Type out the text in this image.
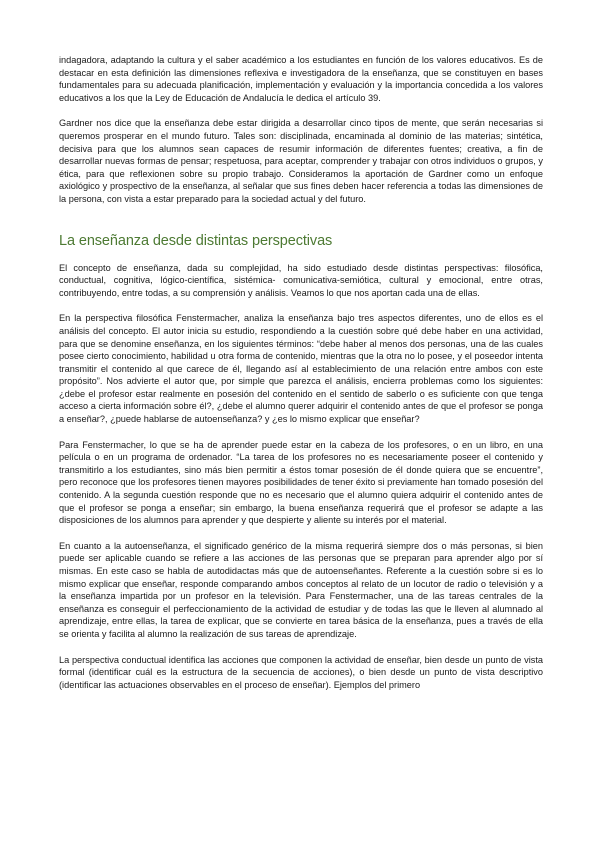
indagadora, adaptando la cultura y el saber académico a los estudiantes en función de los valores educativos. Es de destacar en esta definición las dimensiones reflexiva e investigadora de la enseñanza, que se constituyen en bases fundamentales para su adecuada planificación, implementación y evaluación y la importancia concedida a los valores educativos a los que la Ley de Educación de Andalucía le dedica el artículo 39.

Gardner nos dice que la enseñanza debe estar dirigida a desarrollar cinco tipos de mente, que serán necesarias si queremos prosperar en el mundo futuro. Tales son: disciplinada, encaminada al dominio de las materias; sintética, decisiva para que los alumnos sean capaces de resumir información de diferentes fuentes; creativa, a fin de desarrollar nuevas formas de pensar; respetuosa, para aceptar, comprender y trabajar con otros individuos o grupos, y ética, para que reflexionen sobre su propio trabajo. Consideramos la aportación de Gardner como un enfoque axiológico y prospectivo de la enseñanza, al señalar que sus fines deben hacer referencia a todas las dimensiones de la persona, con vista a estar preparado para la sociedad actual y del futuro.

La enseñanza desde distintas perspectivas

El concepto de enseñanza, dada su complejidad, ha sido estudiado desde distintas perspectivas: filosófica, conductual, cognitiva, lógico-científica, sistémica- comunicativa-semiótica, cultural y emocional, entre otras, contribuyendo, entre todas, a su comprensión y análisis. Veamos lo que nos aportan cada una de ellas.

En la perspectiva filosófica Fenstermacher, analiza la enseñanza bajo tres aspectos diferentes, uno de ellos es el análisis del concepto. El autor inicia su estudio, respondiendo a la cuestión sobre qué debe haber en una actividad, para que se denomine enseñanza, en los siguientes términos: “debe haber al menos dos personas, una de las cuales posee cierto conocimiento, habilidad u otra forma de contenido, mientras que la otra no lo posee, y el poseedor intenta transmitir el contenido al que carece de él, llegando así al establecimiento de una relación entre ambos con este propósito”. Nos advierte el autor que, por simple que parezca el análisis, encierra problemas como los siguientes: ¿debe el profesor estar realmente en posesión del contenido en el sentido de saberlo o es suficiente con que tenga acceso a cierta información sobre él?, ¿debe el alumno querer adquirir el contenido antes de que el profesor se ponga a enseñar?, ¿puede hablarse de autoenseñanza? y ¿es lo mismo explicar que enseñar?

Para Fenstermacher, lo que se ha de aprender puede estar en la cabeza de los profesores, o en un libro, en una película o en un programa de ordenador. “La tarea de los profesores no es necesariamente poseer el contenido y transmitirlo a los estudiantes, sino más bien permitir a éstos tomar posesión de él donde quiera que se encuentre”, pero reconoce que los profesores tienen mayores posibilidades de tener éxito si previamente han tomado posesión del contenido. A la segunda cuestión responde que no es necesario que el alumno quiera adquirir el contenido antes de que el profesor se ponga a enseñar; sin embargo, la buena enseñanza requerirá que el profesor se adapte a las disposiciones de los alumnos para aprender y que despierte y aliente su interés por el material.

En cuanto a la autoenseñanza, el significado genérico de la misma requerirá siempre dos o más personas, si bien puede ser aplicable cuando se refiere a las acciones de las personas que se preparan para aprender algo por sí mismas. En este caso se habla de autodidactas más que de autoenseñantes. Referente a la cuestión sobre si es lo mismo explicar que enseñar, responde comparando ambos conceptos al relato de un locutor de radio o televisión y a la enseñanza impartida por un profesor en la televisión. Para Fenstermacher, una de las tareas centrales de la enseñanza es conseguir el perfeccionamiento de la actividad de estudiar y de todas las que le lleven al alumnado al aprendizaje, entre ellas, la tarea de explicar, que se convierte en tarea básica de la enseñanza, pues a través de ella se orienta y facilita al alumno la realización de sus tareas de aprendizaje.

La perspectiva conductual identifica las acciones que componen la actividad de enseñar, bien desde un punto de vista formal (identificar cuál es la estructura de la secuencia de acciones), o bien desde un punto de vista descriptivo (identificar las actuaciones observables en el proceso de enseñar). Ejemplos del primero
